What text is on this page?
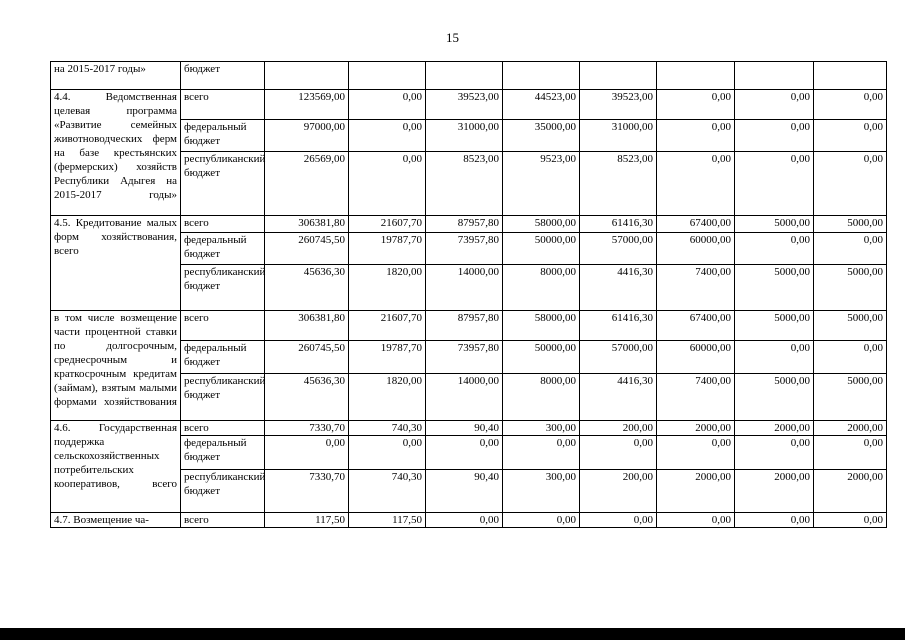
15
на 2015-2017 годы»	бюджет								
4.4. Ведомственная целевая программа «Развитие семейных животноводческих ферм на базе крестьянских (фермерских) хозяйств Республики Адыгея на 2015-2017 годы»	всего	123569,00	0,00	39523,00	44523,00	39523,00	0,00	0,00	0,00
	федеральный бюджет	97000,00	0,00	31000,00	35000,00	31000,00	0,00	0,00	0,00
	республиканский бюджет	26569,00	0,00	8523,00	9523,00	8523,00	0,00	0,00	0,00
4.5. Кредитование малых форм хозяйствования, всего	всего	306381,80	21607,70	87957,80	58000,00	61416,30	67400,00	5000,00	5000,00
	федеральный бюджет	260745,50	19787,70	73957,80	50000,00	57000,00	60000,00	0,00	0,00
	республиканский бюджет	45636,30	1820,00	14000,00	8000,00	4416,30	7400,00	5000,00	5000,00
в том числе возмещение части процентной ставки по долгосрочным, среднесрочным и краткосрочным кредитам (займам), взятым малыми формами хозяйствования	всего	306381,80	21607,70	87957,80	58000,00	61416,30	67400,00	5000,00	5000,00
	федеральный бюджет	260745,50	19787,70	73957,80	50000,00	57000,00	60000,00	0,00	0,00
	республиканский бюджет	45636,30	1820,00	14000,00	8000,00	4416,30	7400,00	5000,00	5000,00
4.6. Государственная поддержка сельскохозяйственных потребительских кооперативов, всего	всего	7330,70	740,30	90,40	300,00	200,00	2000,00	2000,00	2000,00
	федеральный бюджет	0,00	0,00	0,00	0,00	0,00	0,00	0,00	0,00
	республиканский бюджет	7330,70	740,30	90,40	300,00	200,00	2000,00	2000,00	2000,00
4.7. Возмещение ча-	всего	117,50	117,50	0,00	0,00	0,00	0,00	0,00	0,00
